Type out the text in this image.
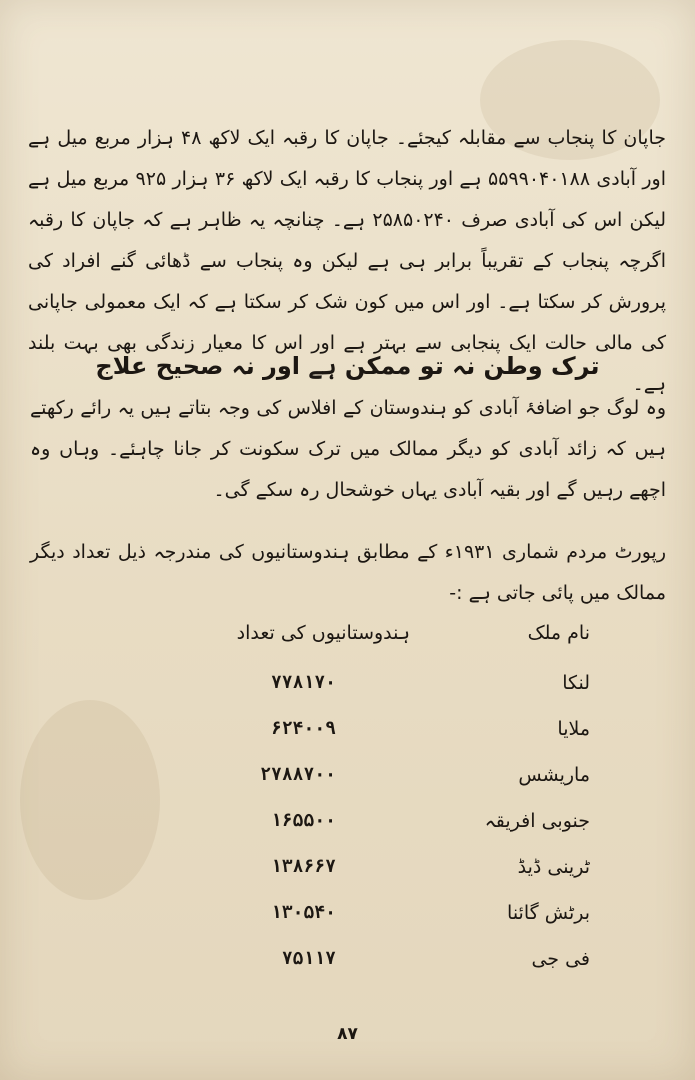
جاپان کا پنجاب سے مقابلہ کیجئے۔ جاپان کا رقبہ ایک لاکھ ۴۸ ہزار مربع میل ہے اور آبادی ۵۵۹۹۰۴۰۱۸۸ ہے اور پنجاب کا رقبہ ایک لاکھ ۳۶ ہزار ۹۲۵ مربع میل ہے لیکن اس کی آبادی صرف ۲۵۸۵۰۲۴۰ ہے۔ چنانچہ یہ ظاہر ہے کہ جاپان کا رقبہ اگرچہ پنجاب کے تقریباً برابر ہی ہے لیکن وہ پنجاب سے ڈھائی گنے افراد کی پرورش کر سکتا ہے۔ اور اس میں کون شک کر سکتا ہے کہ ایک معمولی جاپانی کی مالی حالت ایک پنجابی سے بہتر ہے اور اس کا معیار زندگی بھی بہت بلند ہے۔
ترک وطن نہ تو ممکن ہے اور نہ صحیح علاج
وہ لوگ جو اضافۂ آبادی کو ہندوستان کے افلاس کی وجہ بتاتے ہیں یہ رائے رکھتے ہیں کہ زائد آبادی کو دیگر ممالک میں ترک سکونت کر جانا چاہئے۔ وہاں وہ اچھے رہیں گے اور بقیہ آبادی یہاں خوشحال رہ سکے گی۔
رپورٹ مردم شماری ۱۹۳۱ء کے مطابق ہندوستانیوں کی مندرجہ ذیل تعداد دیگر ممالک میں پائی جاتی ہے :-
نام ملک
ہندوستانیوں کی تعداد
لنکا
۷۷۸۱۷۰
ملایا
۶۲۴۰۰۹
ماریشس
۲۷۸۸۷۰۰
جنوبی افریقہ
۱۶۵۵۰۰
ٹرینی ڈیڈ
۱۳۸۶۶۷
برٹش گائنا
۱۳۰۵۴۰
فی جی
۷۵۱۱۷
۸۷
